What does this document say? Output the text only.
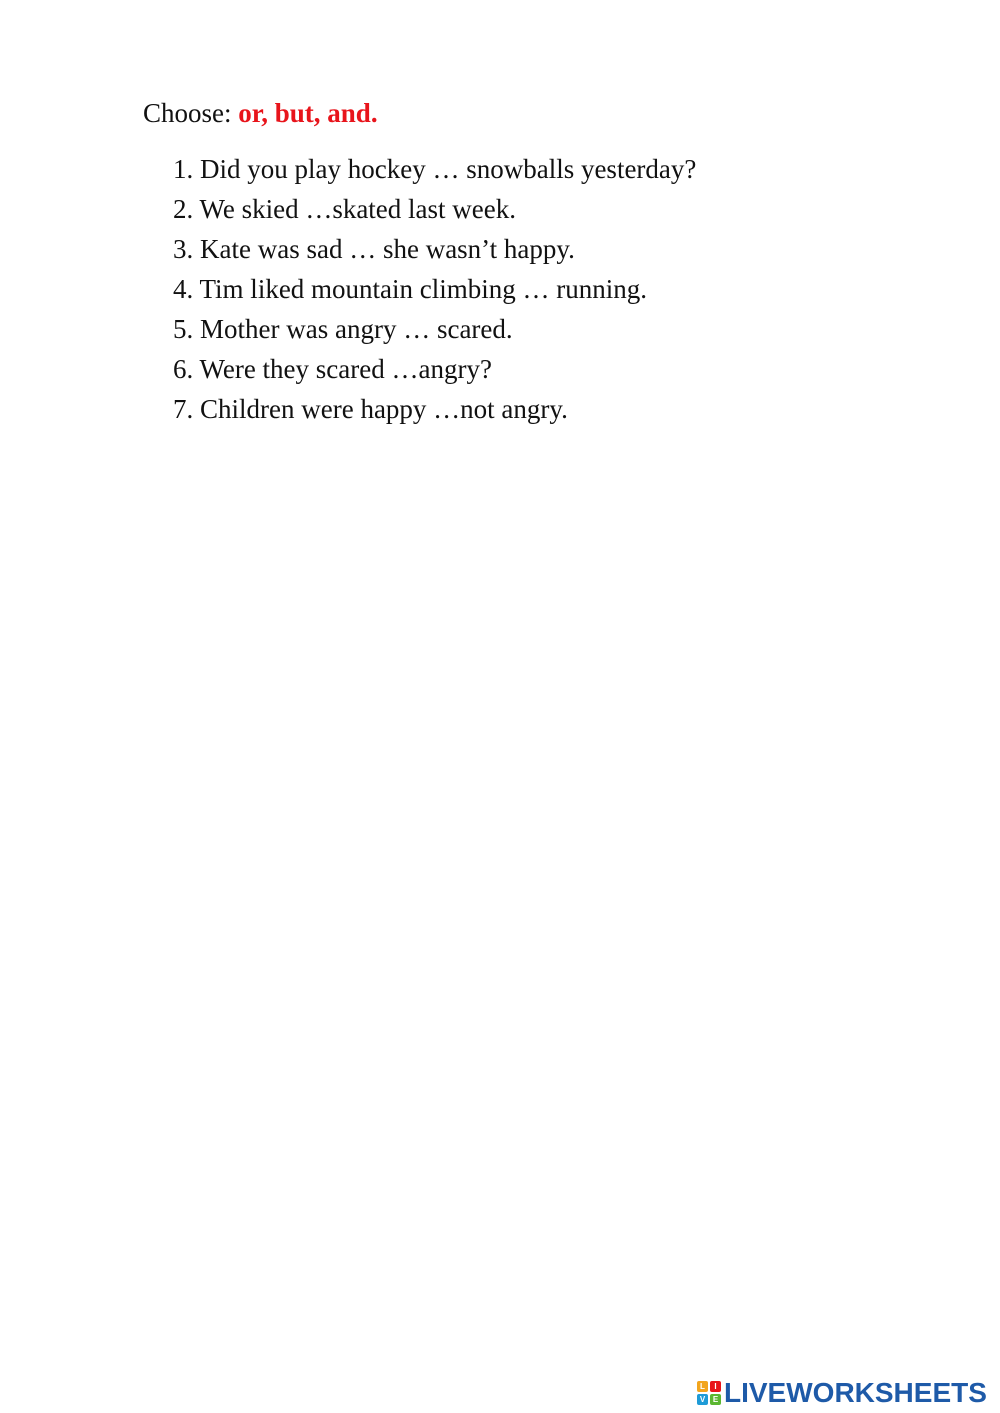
Choose: or, but, and.
1. Did you play hockey … snowballs yesterday?
2. We skied …skated last week.
3. Kate was sad … she wasn’t happy.
4. Tim liked mountain climbing … running.
5. Mother was angry … scared.
6. Were they scared …angry?
7. Children were happy …not angry.
L	I
V E LIVEWORKSHEETS
